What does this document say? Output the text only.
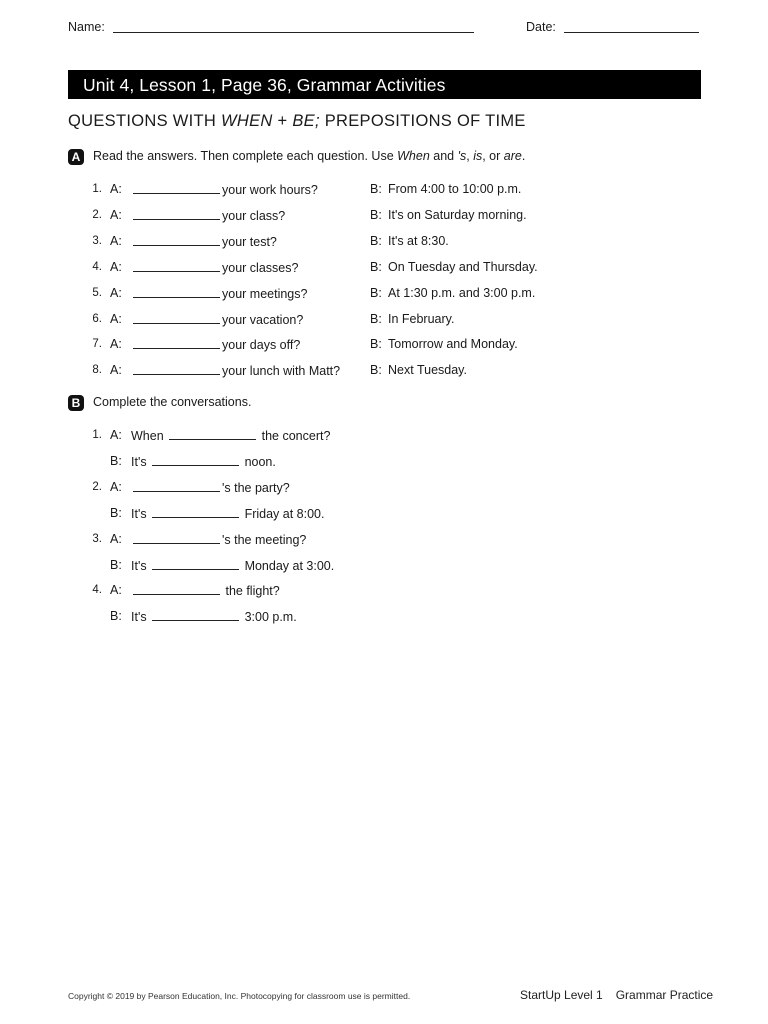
Name:	Date:
Unit 4, Lesson 1, Page 36, Grammar Activities
QUESTIONS WITH WHEN + BE; PREPOSITIONS OF TIME
A Read the answers. Then complete each question. Use When and 's, is, or are.
1. A:	your work hours?	B: From 4:00 to 10:00 p.m.
2. A:	your class?	B: It's on Saturday morning.
3. A:	your test?	B: It's at 8:30.
4. A:	your classes?	B: On Tuesday and Thursday.
5. A:	your meetings?	B: At 1:30 p.m. and 3:00 p.m.
6. A:	your vacation?	B: In February.
7. A:	your days off?	B: Tomorrow and Monday.
8. A:	your lunch with Matt? B: Next Tuesday.
B Complete the conversations.
1. A: When	the concert?
B: It's	noon.
2. A:	's the party?
B: It's	Friday at 8:00.
3. A:	's the meeting?
B: It's	Monday at 3:00.
4. A:	the flight?
B: It's	3:00 p.m.
Copyright © 2019 by Pearson Education, Inc. Photocopying for classroom use is permitted.	StartUp Level 1 Grammar Practice
